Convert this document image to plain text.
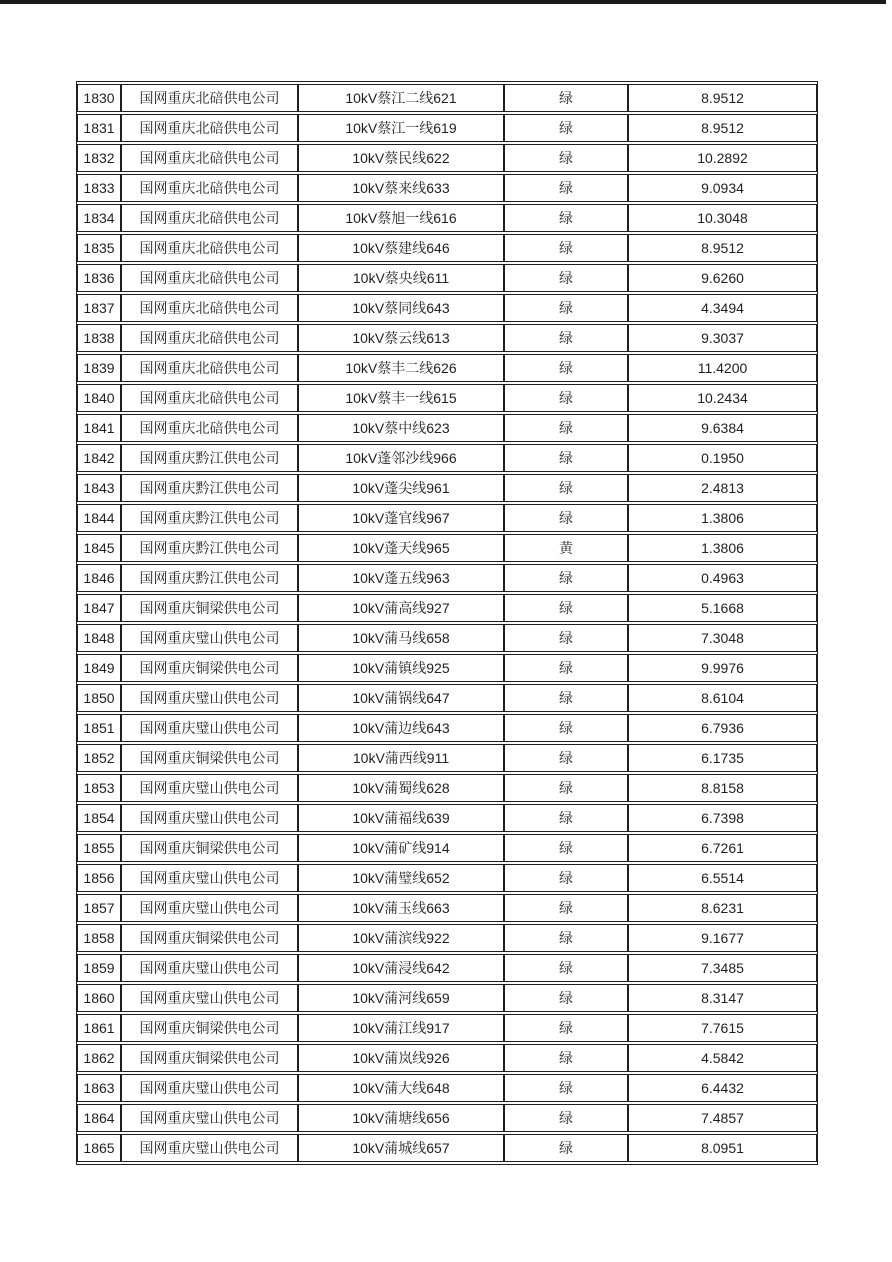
1830	国网重庆北碚供电公司	10kV蔡江二线621	绿	8.9512
1831	国网重庆北碚供电公司	10kV蔡江一线619	绿	8.9512
1832	国网重庆北碚供电公司	10kV蔡民线622	绿	10.2892
1833	国网重庆北碚供电公司	10kV蔡来线633	绿	9.0934
1834	国网重庆北碚供电公司	10kV蔡旭一线616	绿	10.3048
1835	国网重庆北碚供电公司	10kV蔡建线646	绿	8.9512
1836	国网重庆北碚供电公司	10kV蔡央线611	绿	9.6260
1837	国网重庆北碚供电公司	10kV蔡同线643	绿	4.3494
1838	国网重庆北碚供电公司	10kV蔡云线613	绿	9.3037
1839	国网重庆北碚供电公司	10kV蔡丰二线626	绿	11.4200
1840	国网重庆北碚供电公司	10kV蔡丰一线615	绿	10.2434
1841	国网重庆北碚供电公司	10kV蔡中线623	绿	9.6384
1842	国网重庆黔江供电公司	10kV蓬邻沙线966	绿	0.1950
1843	国网重庆黔江供电公司	10kV蓬尖线961	绿	2.4813
1844	国网重庆黔江供电公司	10kV蓬官线967	绿	1.3806
1845	国网重庆黔江供电公司	10kV蓬天线965	黄	1.3806
1846	国网重庆黔江供电公司	10kV蓬五线963	绿	0.4963
1847	国网重庆铜梁供电公司	10kV蒲高线927	绿	5.1668
1848	国网重庆璧山供电公司	10kV蒲马线658	绿	7.3048
1849	国网重庆铜梁供电公司	10kV蒲镇线925	绿	9.9976
1850	国网重庆璧山供电公司	10kV蒲锅线647	绿	8.6104
1851	国网重庆璧山供电公司	10kV蒲边线643	绿	6.7936
1852	国网重庆铜梁供电公司	10kV蒲西线911	绿	6.1735
1853	国网重庆璧山供电公司	10kV蒲蜀线628	绿	8.8158
1854	国网重庆璧山供电公司	10kV蒲福线639	绿	6.7398
1855	国网重庆铜梁供电公司	10kV蒲矿线914	绿	6.7261
1856	国网重庆璧山供电公司	10kV蒲璧线652	绿	6.5514
1857	国网重庆璧山供电公司	10kV蒲玉线663	绿	8.6231
1858	国网重庆铜梁供电公司	10kV蒲滨线922	绿	9.1677
1859	国网重庆璧山供电公司	10kV蒲浸线642	绿	7.3485
1860	国网重庆璧山供电公司	10kV蒲河线659	绿	8.3147
1861	国网重庆铜梁供电公司	10kV蒲江线917	绿	7.7615
1862	国网重庆铜梁供电公司	10kV蒲岚线926	绿	4.5842
1863	国网重庆璧山供电公司	10kV蒲大线648	绿	6.4432
1864	国网重庆璧山供电公司	10kV蒲塘线656	绿	7.4857
1865	国网重庆璧山供电公司	10kV蒲城线657	绿	8.0951
